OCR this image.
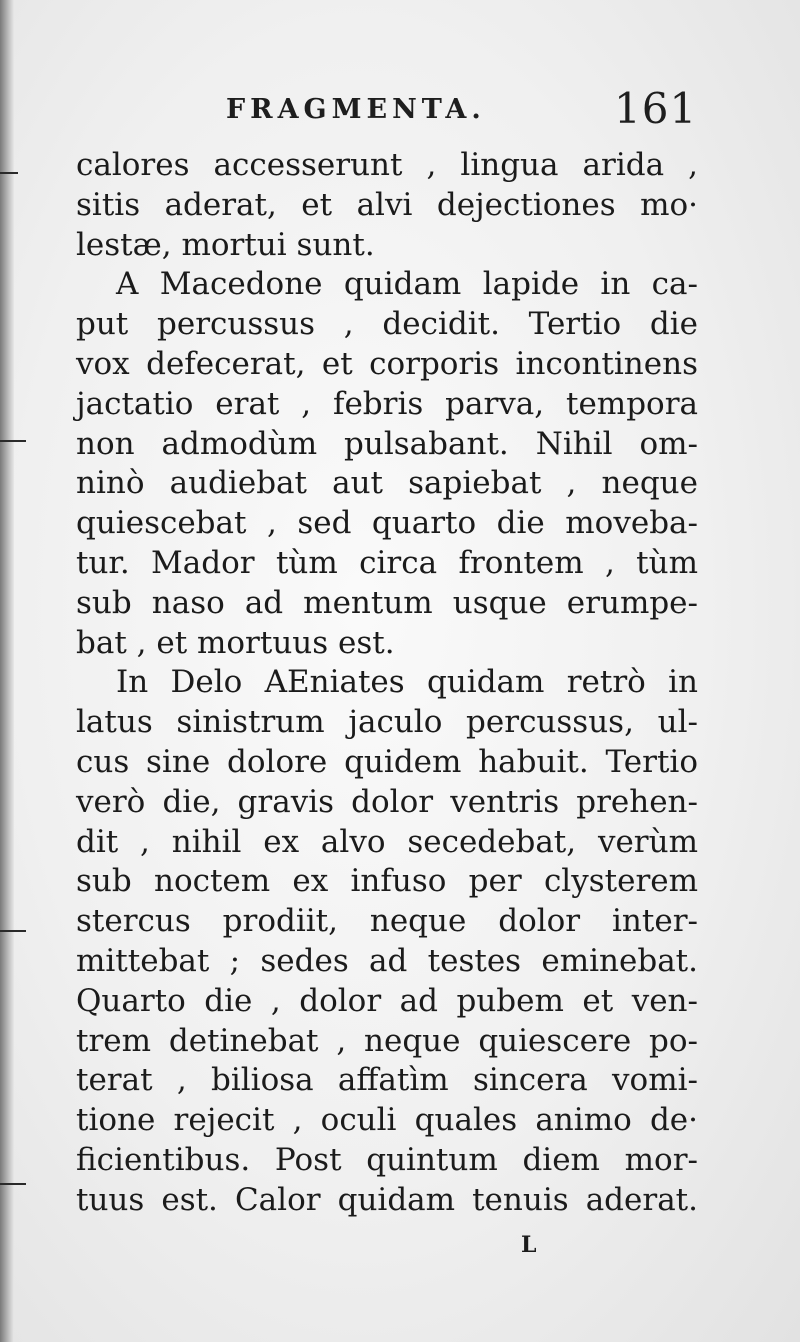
FRAGMENTA.	161
calores accesserunt , lingua arida ,
sitis aderat, et alvi dejectiones mo·
lestæ, mortui sunt.
A Macedone quidam lapide in ca-
put percussus , decidit. Tertio die
vox defecerat, et corporis incontinens
jactatio erat , febris parva, tempora
non admodùm pulsabant. Nihil om-
ninò audiebat aut sapiebat , neque
quiescebat , sed quarto die moveba-
tur. Mador tùm circa frontem , tùm
sub naso ad mentum usque erumpe-
bat , et mortuus est.
In Delo AEniates quidam retrò in
latus sinistrum jaculo percussus, ul-
cus sine dolore quidem habuit. Tertio
verò die, gravis dolor ventris prehen-
dit , nihil ex alvo secedebat, verùm
sub noctem ex infuso per clysterem
stercus prodiit, neque dolor inter-
mittebat ; sedes ad testes eminebat.
Quarto die , dolor ad pubem et ven-
trem detinebat , neque quiescere po-
terat , biliosa affatìm sincera vomi-
tione rejecit , oculi quales animo de·
ficientibus. Post quintum diem mor-
tuus est. Calor quidam tenuis aderat.
L
